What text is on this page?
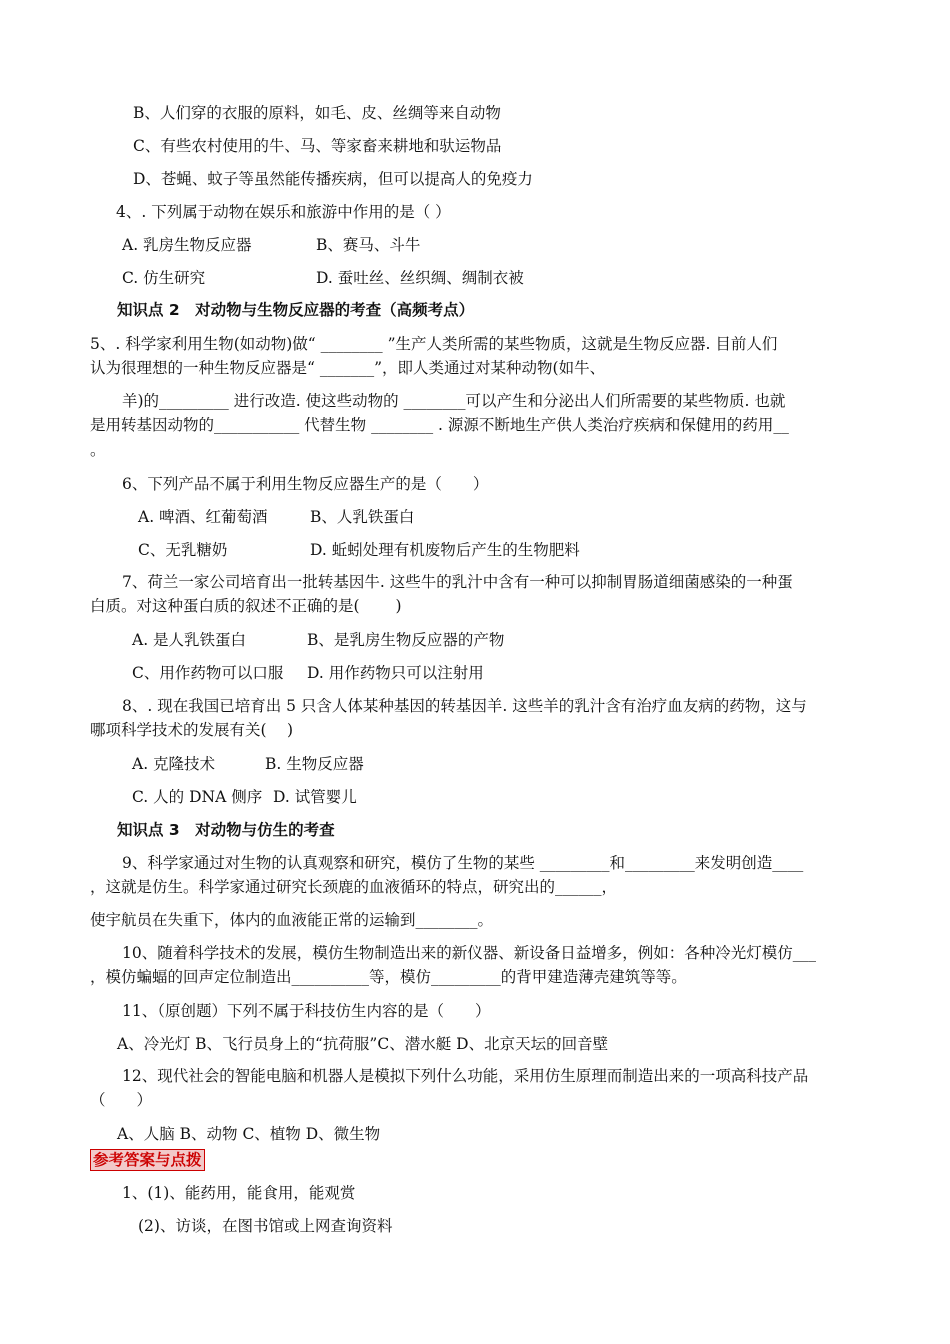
B、人们穿的衣服的原料，如毛、皮、丝绸等来自动物
C、有些农村使用的牛、马、等家畜来耕地和驮运物品
D、苍蝇、蚊子等虽然能传播疾病，但可以提高人的免疫力
4、. 下列属于动物在娱乐和旅游中作用的是（ ）
A. 乳房生物反应器	B、赛马、斗牛
C. 仿生研究	D. 蚕吐丝、丝织绸、绸制衣被
知识点 2　对动物与生物反应器的考查（高频考点）
5、. 科学家利用生物(如动物)做“ ________ ”生产人类所需的某些物质，这就是生物反应器. 目前人们
认为很理想的一种生物反应器是“ _______”，即人类通过对某种动物(如牛、
羊)的_________ 进行改造. 使这些动物的 ________可以产生和分泌出人们所需要的某些物质. 也就
是用转基因动物的___________ 代替生物 ________ . 源源不断地生产供人类治疗疾病和保健用的药用__
。
6、下列产品不属于利用生物反应器生产的是（　　）
A. 啤酒、红葡萄酒	B、人乳铁蛋白
C、无乳糖奶	D. 蚯蚓处理有机废物后产生的生物肥料
7、荷兰一家公司培育出一批转基因牛. 这些牛的乳汁中含有一种可以抑制胃肠道细菌感染的一种蛋
白质。对这种蛋白质的叙述不正确的是(　　 )
A. 是人乳铁蛋白	B、是乳房生物反应器的产物
C、用作药物可以口服 D. 用作药物只可以注射用
8、. 现在我国已培育出 5 只含人体某种基因的转基因羊. 这些羊的乳汁含有治疗血友病的药物，这与
哪项科学技术的发展有关(　 )
A. 克隆技术	B. 生物反应器
C. 人的 DNA 侧序 D. 试管婴儿
知识点 3　对动物与仿生的考查
9、科学家通过对生物的认真观察和研究，模仿了生物的某些 _________和_________来发明创造____
，这就是仿生。科学家通过研究长颈鹿的血液循环的特点，研究出的______，
使宇航员在失重下，体内的血液能正常的运输到________。
10、随着科学技术的发展，模仿生物制造出来的新仪器、新设备日益增多，例如：各种冷光灯模仿___
，模仿蝙蝠的回声定位制造出__________等，模仿_________的背甲建造薄壳建筑等等。
11、（原创题）下列不属于科技仿生内容的是（　　）
A、冷光灯 B、飞行员身上的“抗荷服”C、潜水艇 D、北京天坛的回音壁
12、现代社会的智能电脑和机器人是模拟下列什么功能，采用仿生原理而制造出来的一项高科技产品
（　　）
A、人脑 B、动物 C、植物 D、微生物
参考答案与点拨
1、(1)、能药用，能食用，能观赏
(2)、访谈，在图书馆或上网查询资料
